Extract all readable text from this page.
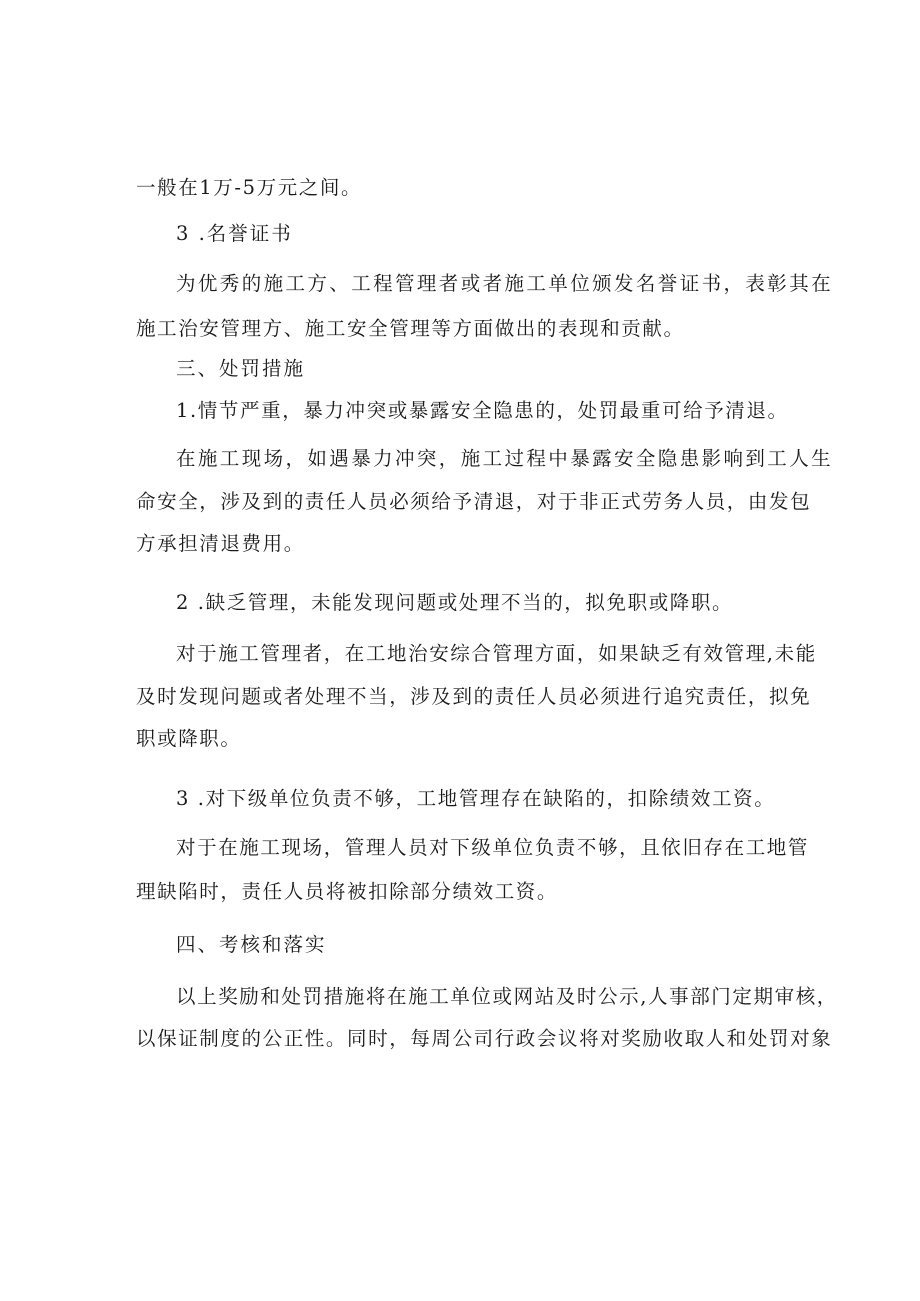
一般在1万-5万元之间。
3 .名誉证书
为优秀的施工方、工程管理者或者施工单位颁发名誉证书，表彰其在
施工治安管理方、施工安全管理等方面做出的表现和贡献。
三、处罚措施
1.情节严重，暴力冲突或暴露安全隐患的，处罚最重可给予清退。
在施工现场，如遇暴力冲突，施工过程中暴露安全隐患影响到工人生
命安全，涉及到的责任人员必须给予清退，对于非正式劳务人员，由发包
方承担清退费用。
2 .缺乏管理，未能发现问题或处理不当的，拟免职或降职。
对于施工管理者，在工地治安综合管理方面，如果缺乏有效管理,未能
及时发现问题或者处理不当，涉及到的责任人员必须进行追究责任，拟免
职或降职。
3 .对下级单位负责不够，工地管理存在缺陷的，扣除绩效工资。
对于在施工现场，管理人员对下级单位负责不够，且依旧存在工地管
理缺陷时，责任人员将被扣除部分绩效工资。
四、考核和落实
以上奖励和处罚措施将在施工单位或网站及时公示,人事部门定期审核，
以保证制度的公正性。同时，每周公司行政会议将对奖励收取人和处罚对象
